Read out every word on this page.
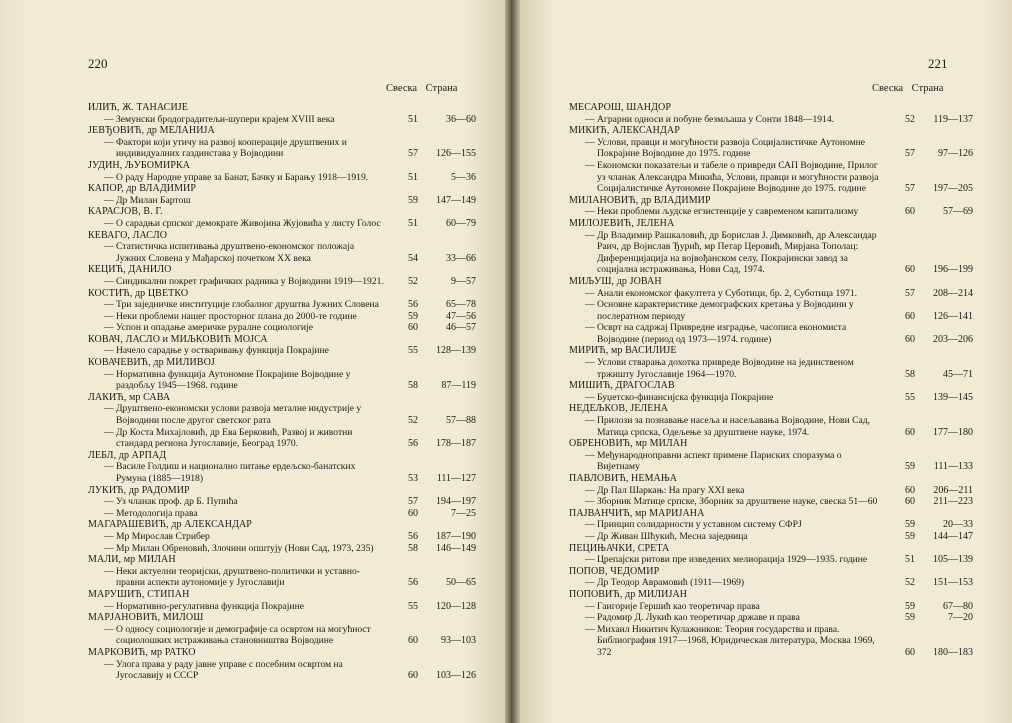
220
Свеска Страна
ИЛИЋ, Ж. ТАНАСИЈЕ
— Земунски бродоградитељи-шупери крајем XVIII века	51	36—60
ЈЕВЂОВИЋ, др МЕЛАНИЈА
— Фактори који утичу на развој кооперације друштвених и индивидуалних газдинстава у Војводини	57 126—155
ЈУДИН, ЉУБОМИРКА
— О раду Народне управе за Банат, Бачку и Барању 1918—1919.	51	5—36
КАПОР, др ВЛАДИМИР
— Др Милан Бартош	59 147—149
КАРАСЈОВ, В. Г.
— О сарадњи српског демократе Живојина Жујовића у листу Голос	51	60—79
КЕВАГО, ЛАСЛО
— Статистичка испитивања друштвено-економског положаја Јужних Словена у Мађарској почетком XX века	54	33—66
КЕЦИЋ, ДАНИЛО
— Синдикални покрет графичких радника у Војводини 1919—1921.	52	9—57
КОСТИЋ, др ЦВЕТКО
— Три заједничке институције глобалног друштва Јужних Словена	56	65—78
— Неки проблеми нашег просторног плана до 2000-те године	59	47—56
— Успон и опадање америчке руралне социологије	60	46—57
КОВАЧ, ЛАСЛО и МИЉКОВИЋ МОЈСА
— Начело сарадње у остваривању функција Покрајине	55 128—139
КОВАЧЕВИЋ, др МИЛИВОЈ
— Нормативна функција Аутономне Покрајине Војводине у раздобљу 1945—1968. године	58 87—119
ЛАКИЋ, мр САВА
— Друштвено-економски услови развоја металне индустрије у Војводини после другог светског рата	52	57—88
— Др Коста Михајловић, др Ева Берковић, Развој и животни стандард региона Југославије, Београд 1970.	56 178—187
ЛЕБЛ, др АРПАД
— Василе Голдиш и национално питање ердељско-банатских Румуна (1885—1918)	53 111—127
ЛУКИЋ, др РАДОМИР
— Уз чланак проф. др Б. Пупића	57 194—197
— Методологија права	60	7—25
МАГАРАШЕВИЋ, др АЛЕКСАНДАР
— Мр Мирослав Стрибер	56 187—190
— Мр Милан Обреновић, Злочини општују (Нови Сад, 1973, 235)	58 146—149
МАЛИ, мр МИЛАН
— Неки актуелни теоријски, друштвено-политички и уставно-правни аспекти аутономије у Југославији	56	50—65
МАРУШИЋ, СТИПАН
— Нормативно-регулативна функција Покрајине	55 120—128
МАРЈАНОВИЋ, МИЛОШ
— О односу социологије и демографије са освртом на могућност социолошких истраживања становништва Војводине	60 93—103
МАРКОВИЋ, мр РАТКО
— Улога права у раду јавне управе с посебним освртом на Југославију и СССР	60 103—126
221
Свеска Страна
МЕСАРОШ, ШАНДОР
— Аграрни односи и побуне безмљаша у Сонти 1848—1914.	52 119—137
МИКИЋ, АЛЕКСАНДАР
— Услови, правци и могућности развоја Социјалистичке Аутономне Покрајине Војводине до 1975. године	57 97—126
— Економски показатељи и табеле о привреди САП Војводине, Прилог уз чланак Александра Микића, Услови, правци и могућности развоја Социјалистичке Аутономне Покрајине Војводине до 1975. године	57 197—205
МИЛАНОВИЋ, др ВЛАДИМИР
— Неки проблеми људске егзистенције у савременом капитализму	60	57—69
МИЛОЈЕВИЋ, ЈЕЛЕНА
— Др Владимир Рашкаловић, др Борислав Ј. Димковић, др Александар Раич, др Војислав Ђурић, мр Петар Церовић, Мирјана Тополац: Диференцијација на војвођанском селу, Покрајински завод за социјална истраживања, Нови Сад, 1974.	60 196—199
МИЉУШ, др ЈОВАН
— Анали економског факултета у Суботици, бр. 2, Суботица 1971.	57 208—214
— Основне карактеристике демографских кретања у Војводини у послератном периоду	60 126—141
— Осврт на садржај Привредне изградње, часописа економиста Војводине (период од 1973—1974. године)	60 203—206
МИРИЋ, мр ВАСИЛИЈЕ
— Услови стварања дохотка привреде Војводине на јединственом тржишту Југославије 1964—1970.	58	45—71
МИШИЋ, ДРАГОСЛАВ
— Буџетско-финансијска функција Покрајине	55 139—145
НЕДЕЉКОВ, ЈЕЛЕНА
— Прилози за познавање насеља и насељавања Војводине, Нови Сад, Матица српска, Одељење за друштвене науке, 1974.	60 177—180
ОБРЕНОВИЋ, мр МИЛАН
— Међународноправни аспект примене Париских споразума о Вијетнаму	59 111—133
ПАВЛОВИЋ, НЕМАЊА
— Др Пал Шаркањ: На прагу XXI века	60 206—211
— Зборник Матице српске, Зборник за друштвене науке, свеска 51—60	60 211—223
ПАЈВАНЧИЋ, мр МАРИЈАНА
— Принцип солидарности у уставном систему СФРЈ	59	20—33
— Др Живан Шћукић, Месна заједница	59 144—147
ПЕЦИЊАЧКИ, СРЕТА
— Црепајски ритови пре изведених мелиорација 1929—1935. године	51 105—139
ПОПОВ, ЧЕДОМИР
— Др Теодор Аврамовић (1911—1969)	52 151—153
ПОПОВИЋ, др МИЛИЈАН
— Гаигорије Гершић као теоретичар права	59	67—80
— Радомир Д. Лукић као теоретичар државе и права	59	7—20
— Михаил Никитич Кулажников: Теория государства и права. Библиография 1917—1968, Юридическая литература, Москва 1969, 372	60 180—183
